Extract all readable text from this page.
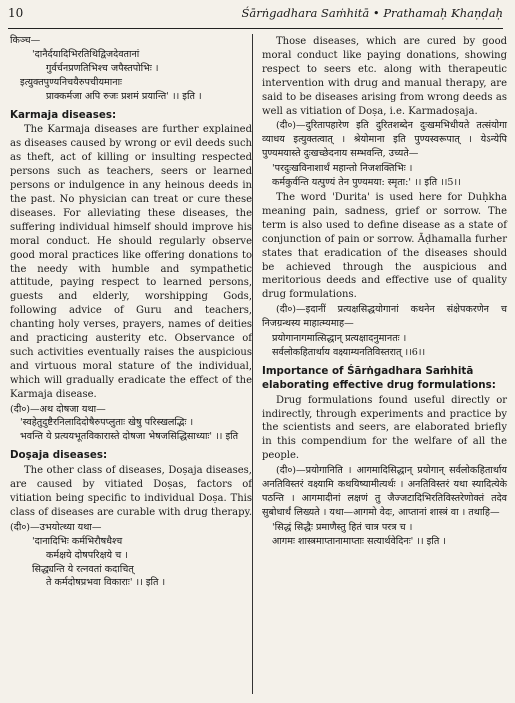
10	Śārṅgadhara Saṁhitā • Prathamaḥ Khaṇḍaḥ

किञ्च—

'दानैर्दयादिभिरतिथिद्विजदेवतानां

गुर्वर्चनप्रणतिभिश्च जपैस्तपोभिः ।

इत्युक्तपुण्यनिचयैरुपचीयमानाः

प्राक्कर्मजा अपि रुजः प्रशमं प्रयान्ति' ।। इति ।

Karmaja diseases:

The Karmaja diseases are further explained as diseases caused by wrong or evil deeds such as theft, act of killing or insulting respected persons such as teachers, seers or learned persons or indulgence in any heinous deeds in the past. No physician can treat or cure these diseases. For alleviating these diseases, the suffering individual himself should improve his moral conduct. He should regularly observe good moral practices like offering donations to the needy with humble and sympathetic attitude, paying respect to learned persons, guests and elderly, worshipping Gods, following advice of Guru and teachers, chanting holy verses, prayers, names of deities and practicing austerity etc. Observance of such activities eventually raises the auspicious and virtuous moral stature of the individual, which will gradually eradicate the effect of the Karmaja disease.

(दी०)—अथ दोषजा यथा—

'स्वहेतुदुष्टैरनिलादिदोषैरुपप्लुताः खेषु परिस्खलद्भिः ।

भवन्ति ये प्रत्ययभूतविकारास्ते दोषजा भेषजसिद्धिसाध्याः' ।। इति

Doṣaja diseases:

The other class of diseases, Doṣaja diseases, are caused by vitiated Doṣas, factors of vitiation being specific to individual Doṣa. This class of diseases are curable with drug therapy.

(दी०)—उभयोत्थ्या यथा—

'दानादिभिः कर्मभिरौषधैश्च

कर्मक्षये दोषपरिक्षये च ।

सिद्ध्यन्ति ये रत्नवतां कदाचित्

ते कर्मदोषप्रभवा विकाराः' ।। इति ।

Those diseases, which are cured by good moral conduct like paying donations, showing respect to seers etc. along with therapeutic intervention with drug and manual therapy, are said to be diseases arising from wrong deeds as well as vitiation of Doṣa, i.e. Karmadoṣaja.

(दी०)—दुरितापहारेण इति दुरितशब्देन दुःखमभिधीयते तत्संयोगा व्याधय इत्युक्तत्वात् । श्रेयोमाना इति पुण्यस्वरूपात् । येऽन्येपि पुण्यमयास्ते दुःखच्छेदनाय सम्भवन्ति, उच्यते—

'परदुःखविनाशार्थं महान्तो निजशक्तिभिः ।

कर्मकुर्वन्ति यत्पुण्यं तेन पुण्यमया: स्मृता:' ।। इति ।।5।।

The word 'Durita' is used here for Duḥkha meaning pain, sadness, grief or sorrow. The term is also used to define disease as a state of conjunction of pain or sorrow. Āḍhamalla furher states that eradication of the diseases should be achieved through the auspicious and meritorious deeds and effective use of quality drug formulations.

(दी०)—इदानीं प्रत्यक्षसिद्धयोगानां कथनेन संक्षेपकरणेन च निजग्रन्थस्य माहात्म्यमाह—

प्रयोगानागमात्सिद्धान् प्रत्यक्षादनुमानतः ।

सर्वलोकहितार्थाय वक्ष्याम्यनतिविस्तरात् ।।6।।

Importance of Śārṅgadhara Saṁhitā elaborating effective drug formulations:

Drug formulations found useful directly or indirectly, through experiments and practice by the scientists and seers, are elaborated briefly in this compendium for the welfare of all the people.

(दी०)—प्रयोगानिति । आगमादिसिद्धान् प्रयोगान् सर्वलोकहितार्थाय अनतिविस्तरं वक्ष्यामि कथयिष्यामीत्यर्थः । अनतिविस्तरं यथा स्यादित्येके पठन्ति । आगमादीनां लक्षणं तु जैज्जटादिभिरतिविस्तरेणोक्तं तदेव सुबोधार्थं लिख्यते । यथा—आगमो वेदः, आप्तानां शास्त्रं वा । तथाहि—

'सिद्धं सिद्धैः प्रमाणैस्तु हितं चात्र परत्र च ।

आगमः शास्त्रमाप्तानामाप्ताः सत्यार्थवेदिनः' ।। इति ।
